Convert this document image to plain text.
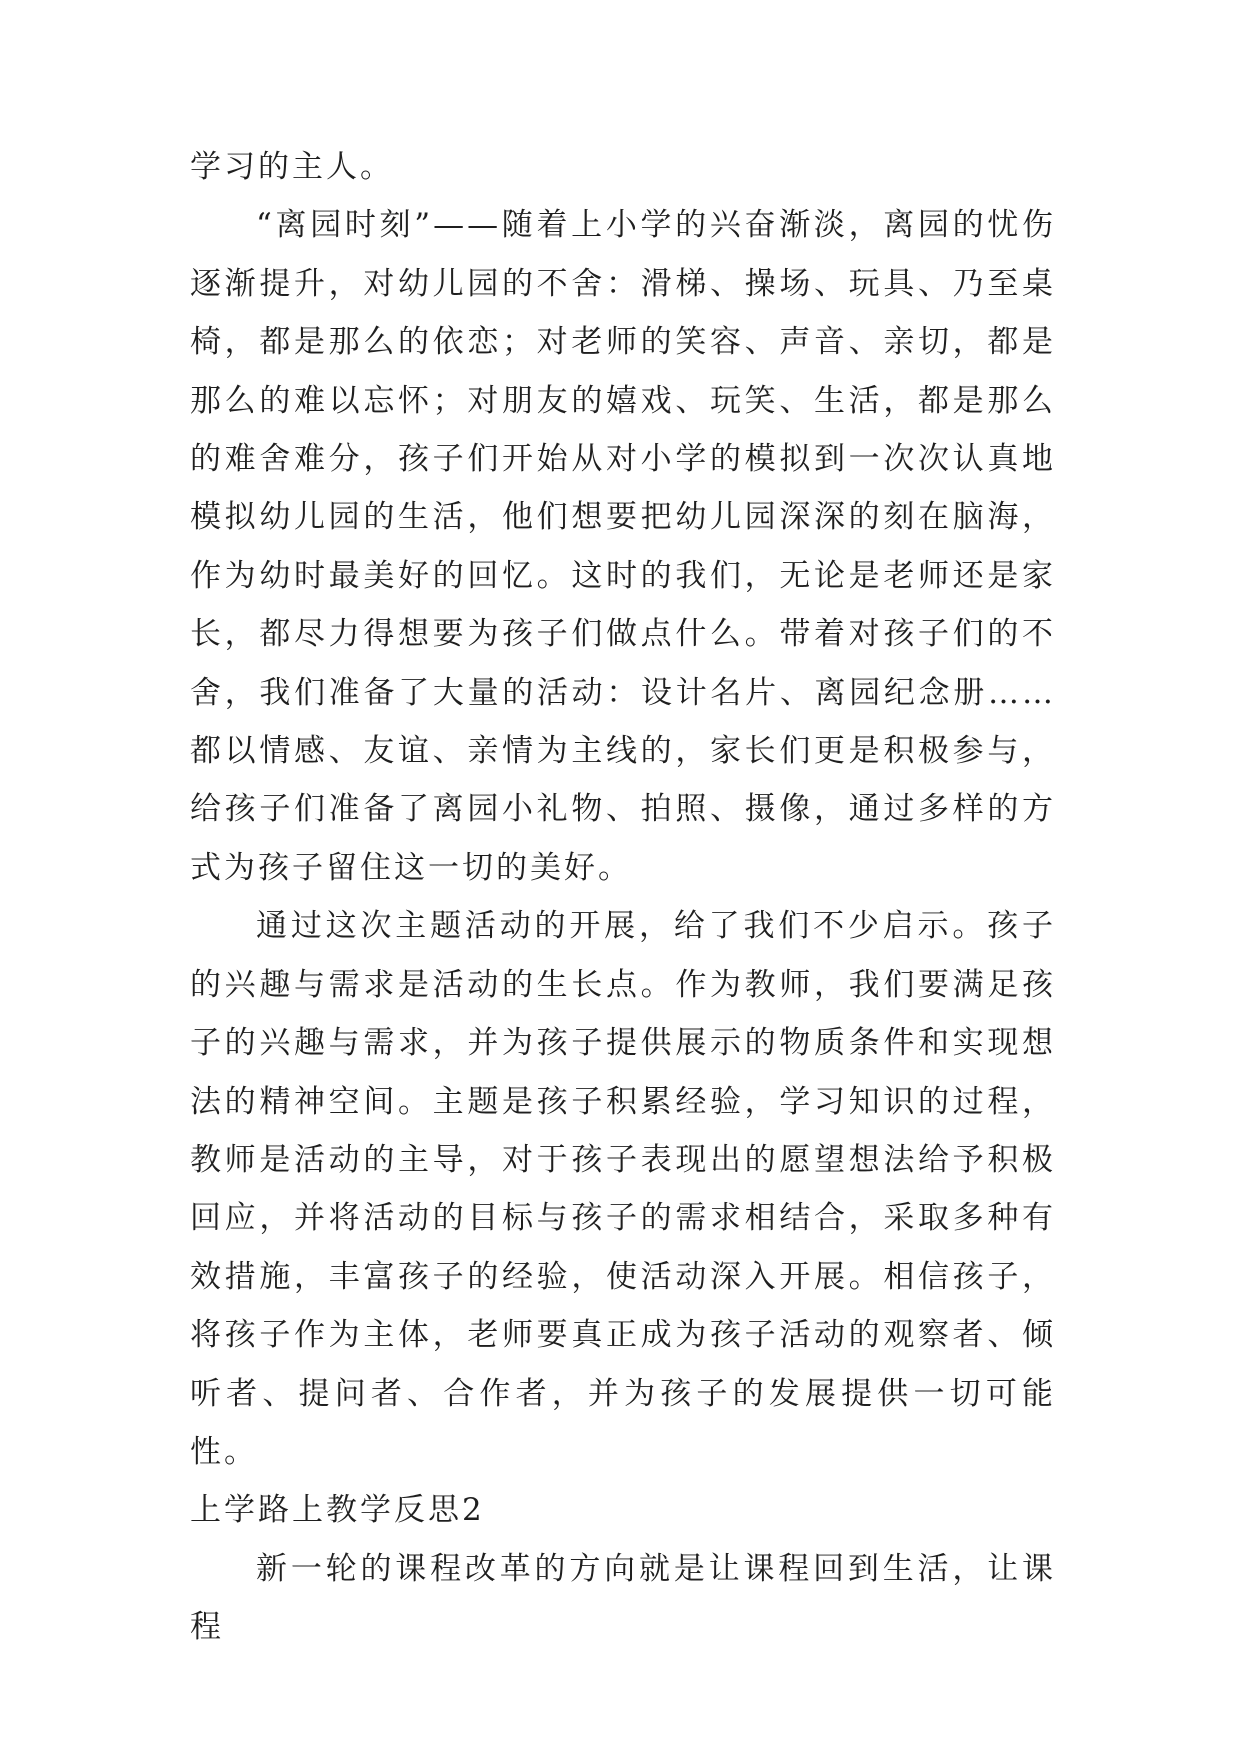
学习的主人。

“离园时刻”——随着上小学的兴奋渐淡，离园的忧伤逐渐提升，对幼儿园的不舍：滑梯、操场、玩具、乃至桌椅，都是那么的依恋；对老师的笑容、声音、亲切，都是那么的难以忘怀；对朋友的嬉戏、玩笑、生活，都是那么的难舍难分，孩子们开始从对小学的模拟到一次次认真地模拟幼儿园的生活，他们想要把幼儿园深深的刻在脑海，作为幼时最美好的回忆。这时的我们，无论是老师还是家长，都尽力得想要为孩子们做点什么。带着对孩子们的不舍，我们准备了大量的活动：设计名片、离园纪念册……都以情感、友谊、亲情为主线的，家长们更是积极参与，给孩子们准备了离园小礼物、拍照、摄像，通过多样的方式为孩子留住这一切的美好。

通过这次主题活动的开展，给了我们不少启示。孩子的兴趣与需求是活动的生长点。作为教师，我们要满足孩子的兴趣与需求，并为孩子提供展示的物质条件和实现想法的精神空间。主题是孩子积累经验，学习知识的过程，教师是活动的主导，对于孩子表现出的愿望想法给予积极回应，并将活动的目标与孩子的需求相结合，采取多种有效措施，丰富孩子的经验，使活动深入开展。相信孩子，将孩子作为主体，老师要真正成为孩子活动的观察者、倾听者、提问者、合作者，并为孩子的发展提供一切可能性。

上学路上教学反思2

新一轮的课程改革的方向就是让课程回到生活，让课程
